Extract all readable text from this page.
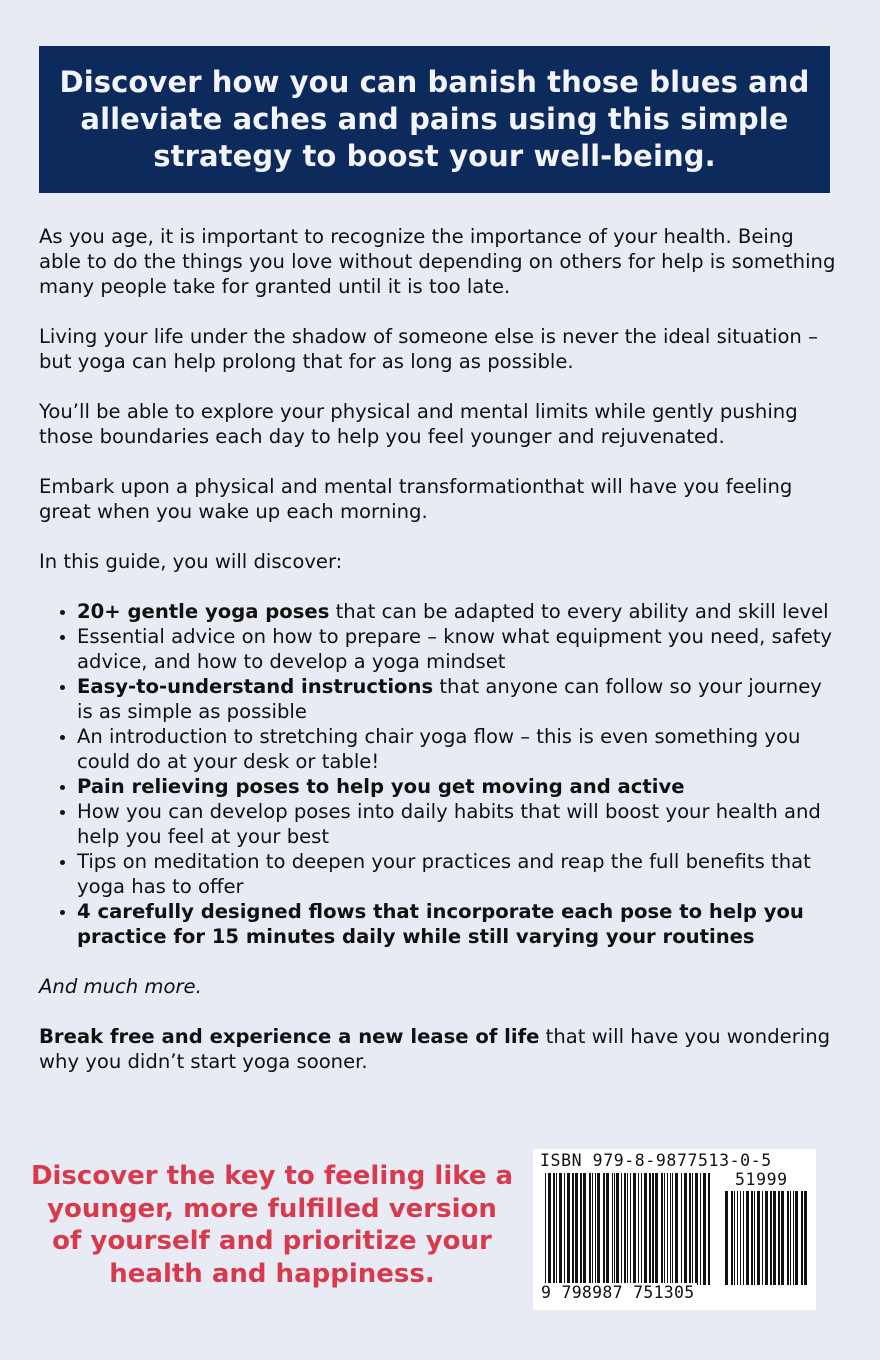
Discover how you can banish those blues and
alleviate aches and pains using this simple
strategy to boost your well-being.

As you age, it is important to recognize the importance of your health. Being able to do the things you love without depending on others for help is something many people take for granted until it is too late.

Living your life under the shadow of someone else is never the ideal situation – but yoga can help prolong that for as long as possible.

You’ll be able to explore your physical and mental limits while gently pushing those boundaries each day to help you feel younger and rejuvenated.

Embark upon a physical and mental transformationthat will have you feeling great when you wake up each morning.

In this guide, you will discover:

• 20+ gentle yoga poses that can be adapted to every ability and skill level
• Essential advice on how to prepare – know what equipment you need, safety advice, and how to develop a yoga mindset
• Easy-to-understand instructions that anyone can follow so your journey is as simple as possible
• An introduction to stretching chair yoga flow – this is even something you could do at your desk or table!
• Pain relieving poses to help you get moving and active
• How you can develop poses into daily habits that will boost your health and help you feel at your best
• Tips on meditation to deepen your practices and reap the full benefits that yoga has to offer
• 4 carefully designed flows that incorporate each pose to help you practice for 15 minutes daily while still varying your routines

And much more.

Break free and experience a new lease of life that will have you wondering why you didn’t start yoga sooner.

Discover the key to feeling like a younger, more fulfilled version of yourself and prioritize your health and happiness.
ISBN 979-8-9877513-0-5
51999
9 798987 751305
